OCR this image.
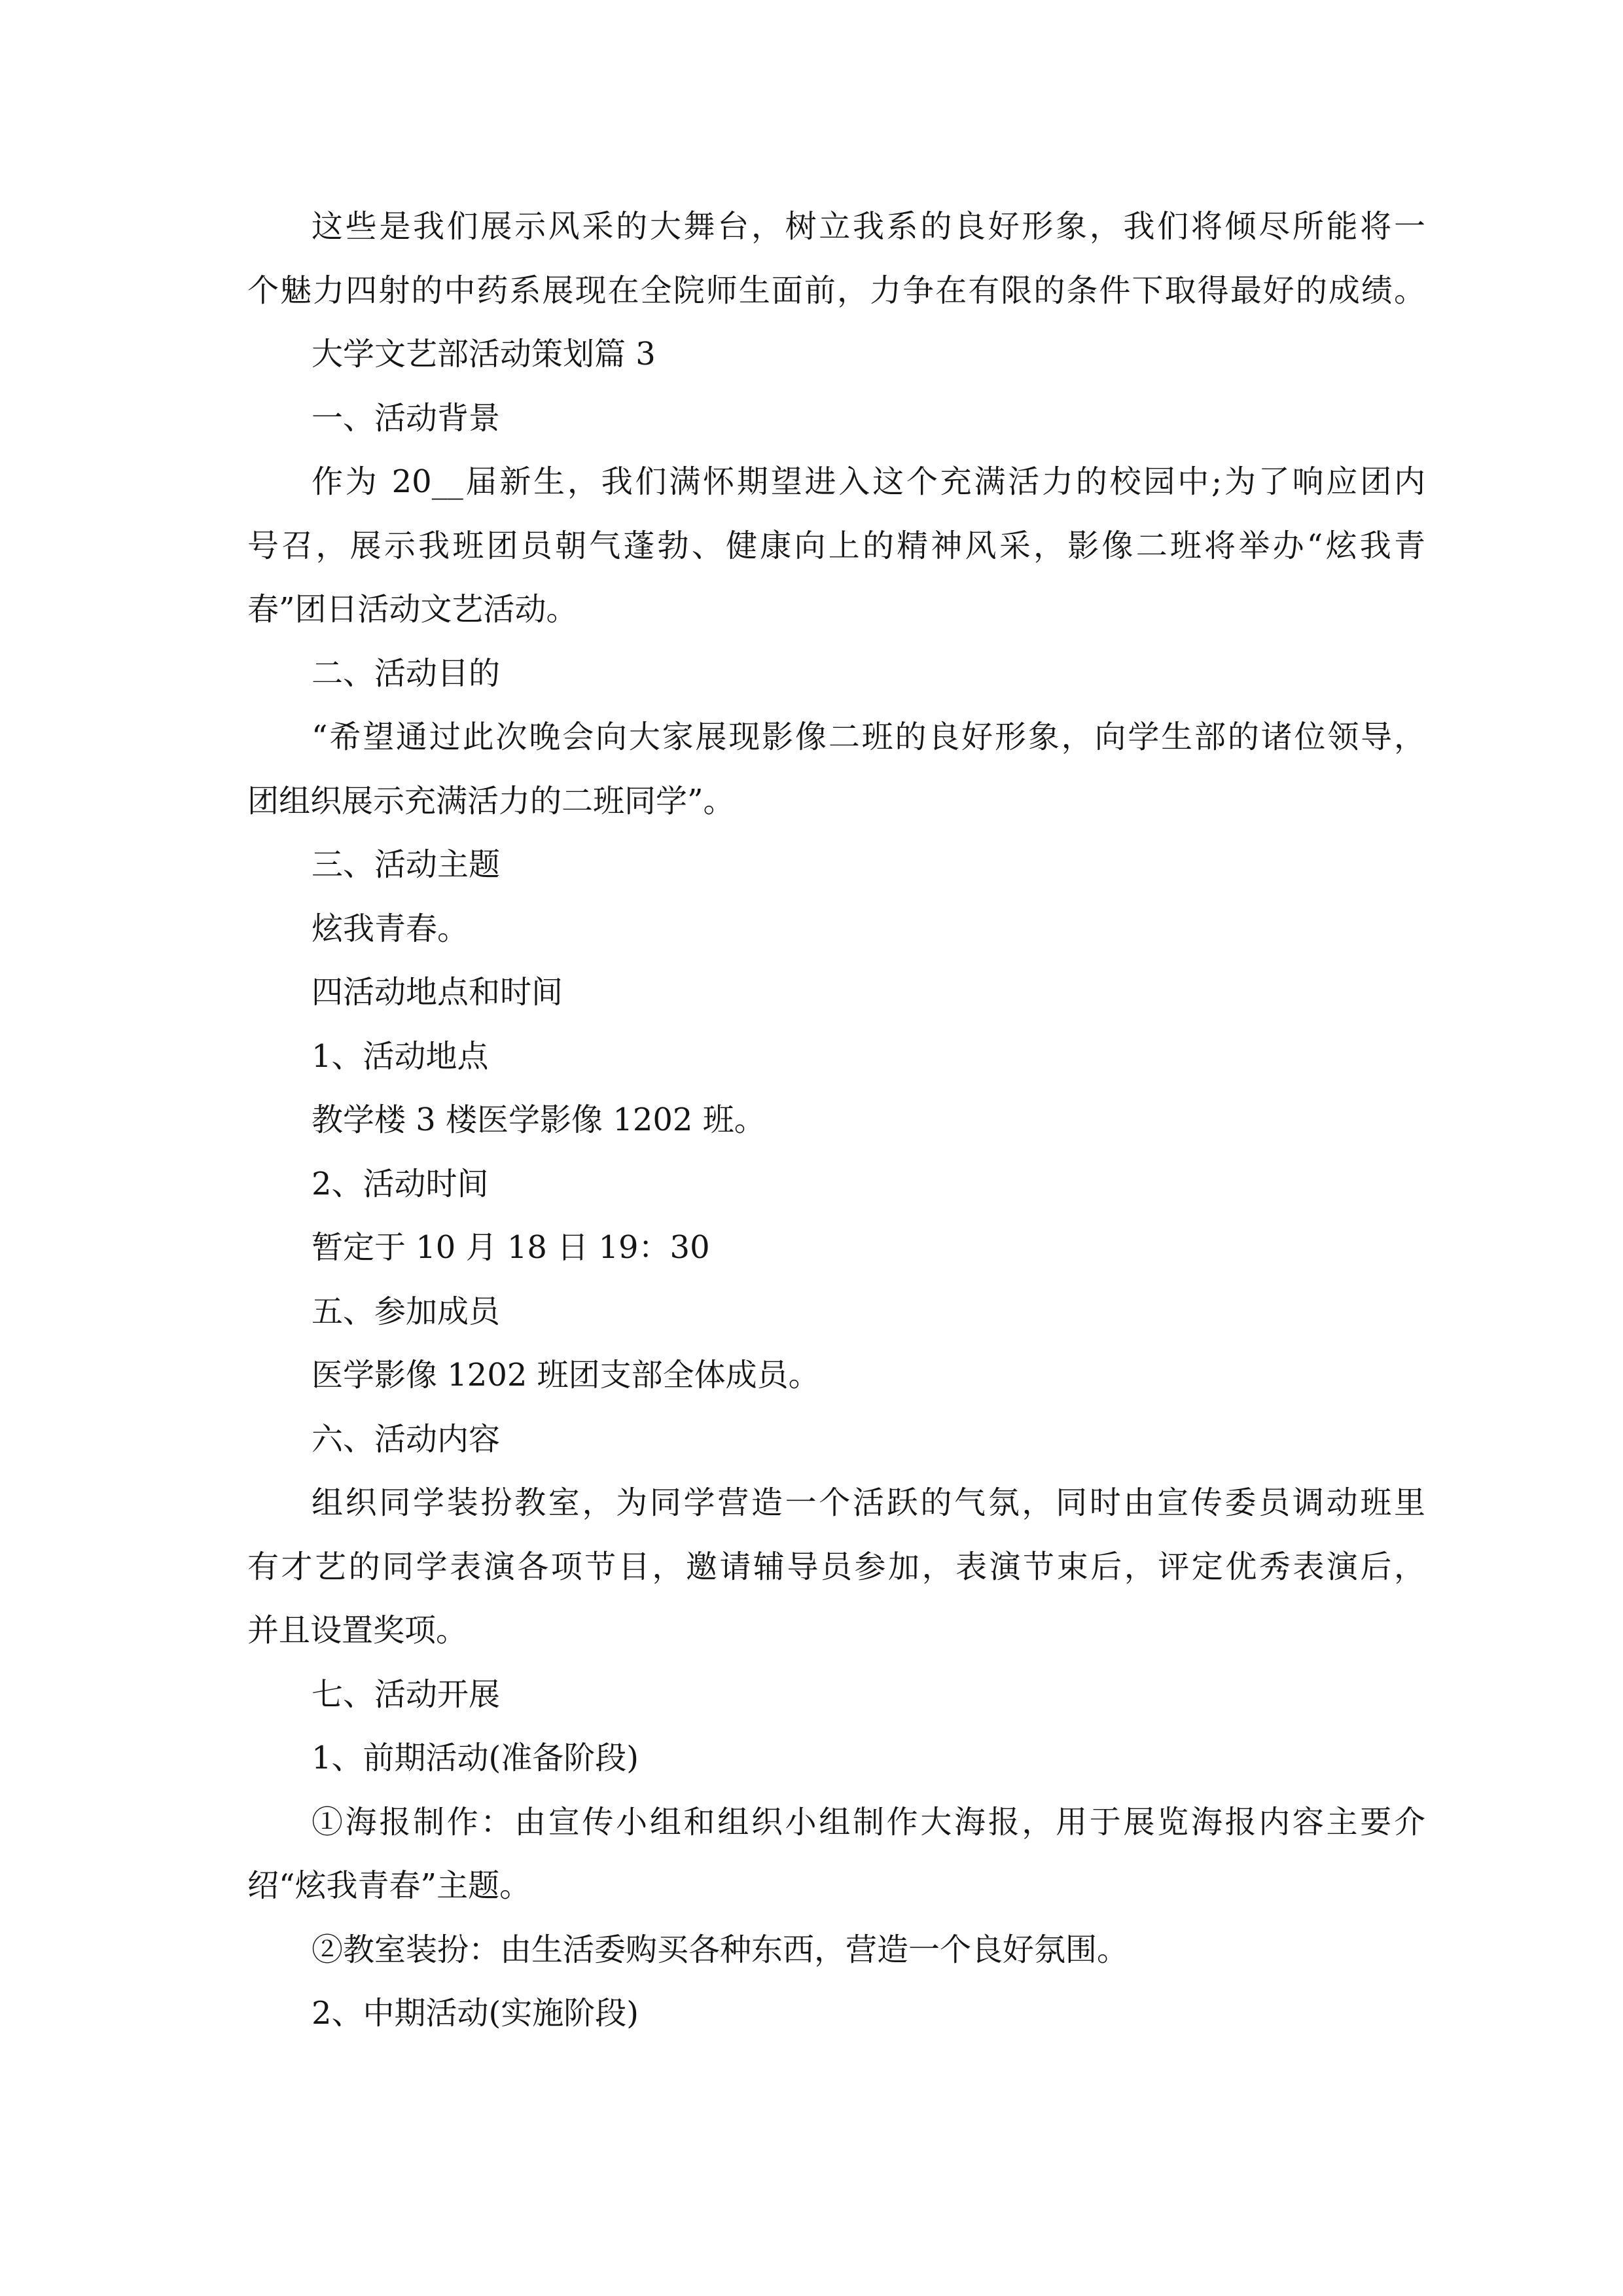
这些是我们展示风采的大舞台，树立我系的良好形象，我们将倾尽所能将一

个魅力四射的中药系展现在全院师生面前，力争在有限的条件下取得最好的成绩。

大学文艺部活动策划篇 3

一、活动背景

作为 20__届新生，我们满怀期望进入这个充满活力的校园中;为了响应团内

号召，展示我班团员朝气蓬勃、健康向上的精神风采，影像二班将举办“炫我青

春”团日活动文艺活动。

二、活动目的

“希望通过此次晚会向大家展现影像二班的良好形象，向学生部的诸位领导，

团组织展示充满活力的二班同学”。

三、活动主题

炫我青春。

四活动地点和时间

1、活动地点

教学楼 3 楼医学影像 1202 班。

2、活动时间

暂定于 10 月 18 日 19：30

五、参加成员

医学影像 1202 班团支部全体成员。

六、活动内容

组织同学装扮教室，为同学营造一个活跃的气氛，同时由宣传委员调动班里

有才艺的同学表演各项节目，邀请辅导员参加，表演节束后，评定优秀表演后，

并且设置奖项。

七、活动开展

1、前期活动(准备阶段)

①海报制作：由宣传小组和组织小组制作大海报，用于展览海报内容主要介

绍“炫我青春”主题。

②教室装扮：由生活委购买各种东西，营造一个良好氛围。

2、中期活动(实施阶段)
